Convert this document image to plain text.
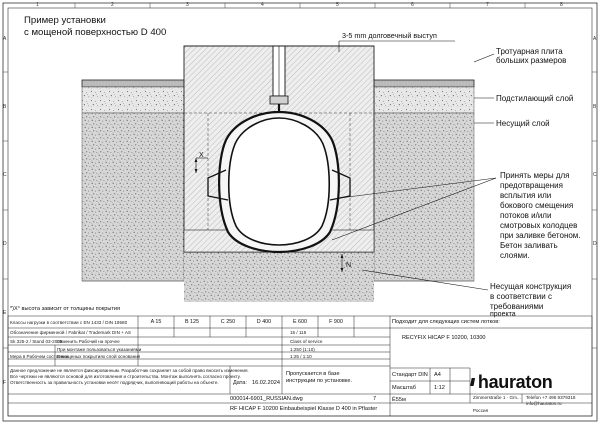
1	2	3	4	5	6	7	8
A
B
C
D
E
F
A
B
C
D
Пример установки
с мощеной поверхностью D 400	3-5 mm долговечный выступ
Тротуарная плита
больших размеров
Подстилающий слой
Несущий слой
Принять меры для
предотвращения
всплытия или
бокового смещения
потоков и/или
смотровых колодцев
при заливке бетоном.
Бетон заливать
слоями.
Несущая конструкция
в соответствии с
требованиями
проекта
X
N
*)X° высота зависит от толщины покрытия
Классы нагрузки в соответствии с EN 1433 / DIN 19580	A 15	B 125	C 250	D 400	E 600	F 900	Подходит для следующих систем лотков:
RECYFIX HICAP F 10200, 10300
Oбозначение фирменной / Fabrikat / Trademark DIN + AS
Sk 325-2 / Stand 03-2005
Мера в Рабочем состоянии
Заменить Рабочий на прочее
При монтаже пользоваться указаниями
В мощеных покрытиях слой основания
15 / 115
Class of service
1:250 (1:10)
1:25 / 1:10
Данное предложение не является фиксированным. Разработчик сохраняет за собой право вносить изменения.
Все чертежи не являются основой для изготовления и строительства. Монтаж выполнять согласно проекту.
Ответственность за правильность установки несёт подрядчик, выполняющий работы на объекте.	Дата: 16.02.2024
Пропускается в базе
инструкции по установке.
Стандарт DIN A4
Масштаб	1:12
Ё55м
/// hauraton
Zimmerstraße 1 · Gm...	Telefon +7 495 9379318
info@hauraton.ru
Россия
000014-6901_RUSSIAN.dwg	7
RF HICAP F 10200 Einbaubeispiel Klasse D 400 in Pflaster
